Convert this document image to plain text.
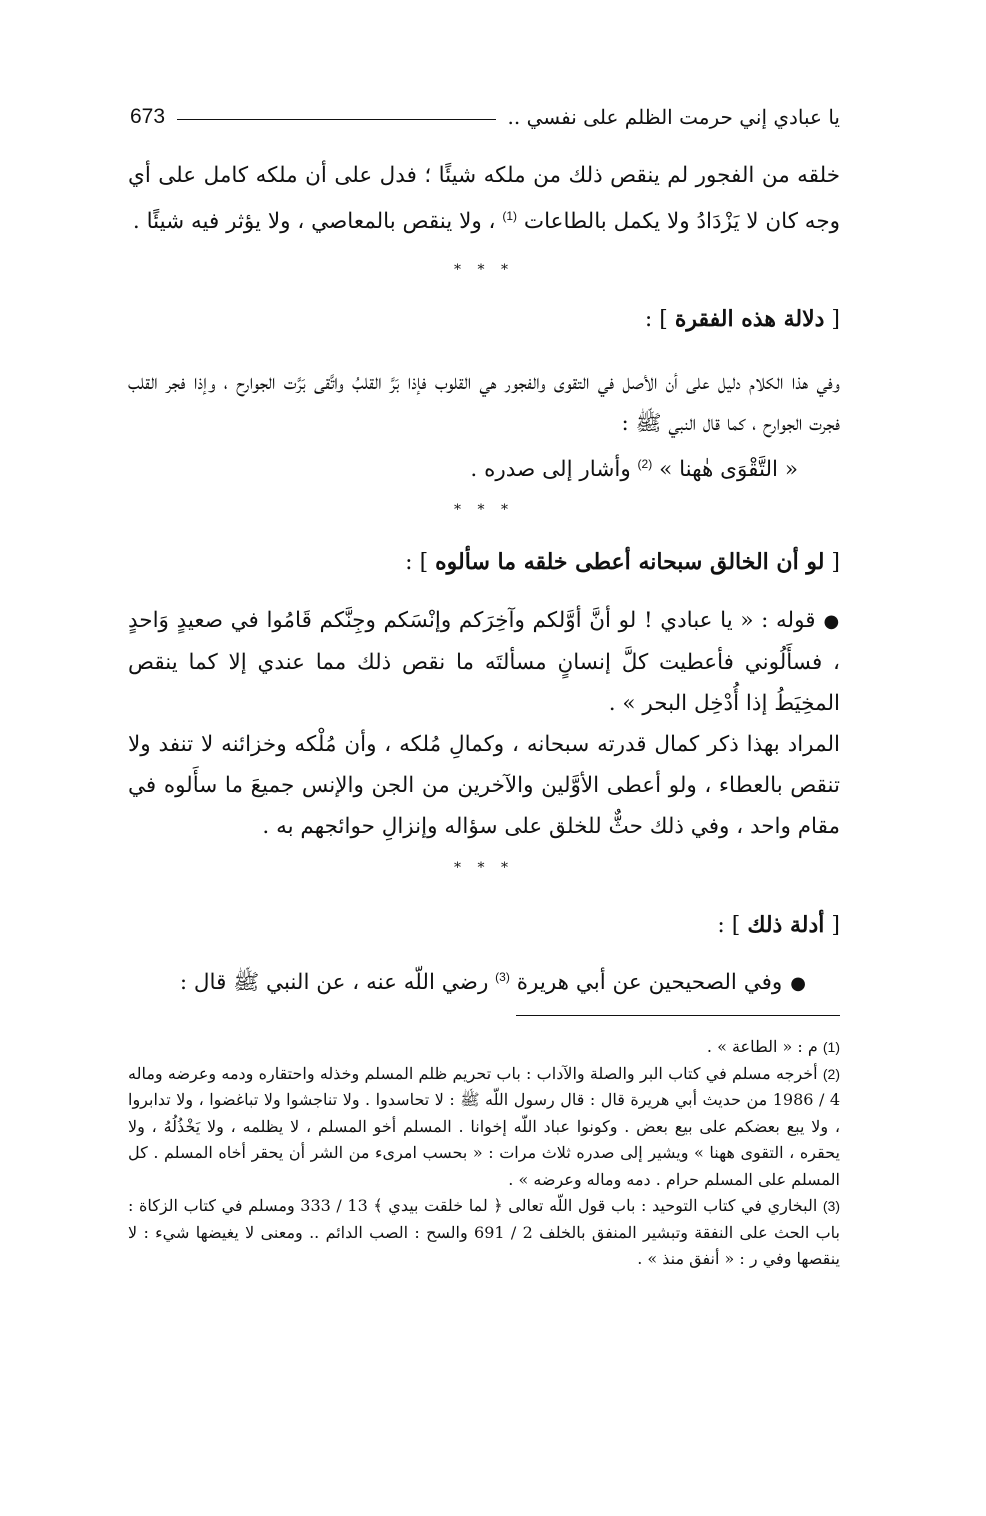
يا عبادي إني حرمت الظلم على نفسي ..
673
خلقه من الفجور لم ينقص ذلك من ملكه شيئًا ؛ فدل على أن ملكه كامل على أي وجه كان لا يَزْدَادُ ولا يكمل بالطاعات $^{(1)}$ ، ولا ينقص بالمعاصي ، ولا يؤثر فيه شيئًا .
* * *
[ دلالة هذه الفقرة ] :
وفي هذا الكلام دليل على أن الأصل في التقوى والفجور هي القلوب فإذا بَرَّ القلبُ واتَّقى بَرَّت الجوارح ، وإذا فجر القلب فجرت الجوارح ، كما قال النبي ﷺ :
« التَّقْوَى هٰهنا » $^{(2)}$ وأشار إلى صدره .
* * *
[ لو أن الخالق سبحانه أعطى خلقه ما سألوه ] :
●قوله : « يا عبادي ! لو أنَّ أوَّلكم وآخِرَكم وإنْسَكم وجِنَّكم قَامُوا في صعيدٍ وَاحدٍ ، فسأَلُوني فأعطيت كلَّ إنسانٍ مسألتَه ما نقص ذلك مما عندي إلا كما ينقص المخِيَطُ إذا أُدْخِل البحر » .
المراد بهذا ذكر كمال قدرته سبحانه ، وكمالِ مُلكه ، وأن مُلْكه وخزائنه لا تنفد ولا تنقص بالعطاء ، ولو أعطى الأوَّلين والآخرين من الجن والإنس جميعَ ما سأَلوه في مقام واحد ، وفي ذلك حثٌّ للخلق على سؤاله وإنزالِ حوائجهم به .
* * *
[ أدلة ذلك ] :
●وفي الصحيحين عن أبي هريرة $^{(3)}$ رضي اللّه عنه ، عن النبي ﷺ قال :

(1) م : « الطاعة » .

(2) أخرجه مسلم في كتاب البر والصلة والآداب : باب تحريم ظلم المسلم وخذله واحتقاره ودمه وعرضه وماله 4 / 1986 من حديث أبي هريرة قال : قال رسول اللّه ﷺ : لا تحاسدوا . ولا تناجشوا ولا تباغضوا ، ولا تدابروا ، ولا يبع بعضكم على بيع بعض . وكونوا عباد اللّه إخوانا . المسلم أخو المسلم ، لا يظلمه ، ولا يَخْذُلُهُ ، ولا يحقره ، التقوى ههنا » ويشير إلى صدره ثلاث مرات : « بحسب امرىء من الشر أن يحقر أخاه المسلم . كل المسلم على المسلم حرام . دمه وماله وعرضه » .

(3) البخاري في كتاب التوحيد : باب قول اللّه تعالى ﴿ لما خلقت بيدي ﴾ 13 / 333 ومسلم في كتاب الزكاة : باب الحث على النفقة وتبشير المنفق بالخلف 2 / 691 والسح : الصب الدائم .. ومعنى لا يغيضها شيء : لا ينقصها وفي ر : « أنفق منذ » .
